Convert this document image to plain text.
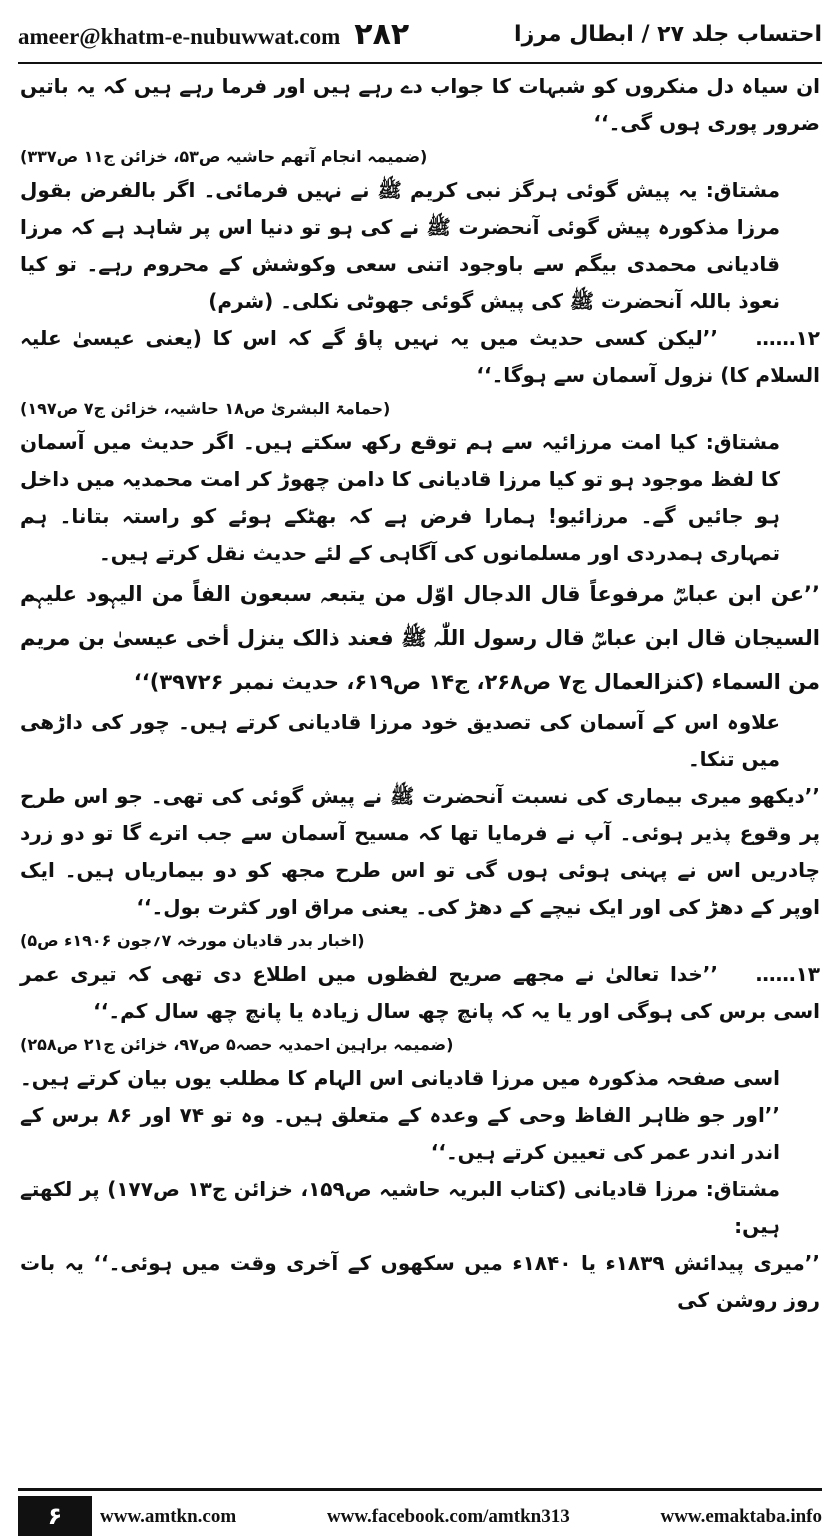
ameer@khatm-e-nubuwwat.com ۲۸۲	احتساب جلد ۲۷ / ابطال مرزا

ان سیاہ دل منکروں کو شبہات کا جواب دے رہے ہیں اور فرما رہے ہیں کہ یہ باتیں ضرور پوری ہوں گی۔‘‘

(ضمیمہ انجام آتھم حاشیہ ص۵۳، خزائن ج۱۱ ص۳۳۷)

مشتاق: یہ پیش گوئی ہرگز نبی کریم ﷺ نے نہیں فرمائی۔ اگر بالفرض بقول مرزا مذکورہ پیش گوئی آنحضرت ﷺ نے کی ہو تو دنیا اس پر شاہد ہے کہ مرزا قادیانی محمدی بیگم سے باوجود اتنی سعی وکوشش کے محروم رہے۔ تو کیا نعوذ باللہ آنحضرت ﷺ کی پیش گوئی جھوٹی نکلی۔ (شرم)

۱۲……’’لیکن کسی حدیث میں یہ نہیں پاؤ گے کہ اس کا (یعنی عیسیٰ علیہ السلام کا) نزول آسمان سے ہوگا۔‘‘

(حمامۃ البشریٰ ص۱۸ حاشیہ، خزائن ج۷ ص۱۹۷)

مشتاق: کیا امت مرزائیہ سے ہم توقع رکھ سکتے ہیں۔ اگر حدیث میں آسمان کا لفظ موجود ہو تو کیا مرزا قادیانی کا دامن چھوڑ کر امت محمدیہ میں داخل ہو جائیں گے۔ مرزائیو! ہمارا فرض ہے کہ بھٹکے ہوئے کو راستہ بتانا۔ ہم تمہاری ہمدردی اور مسلمانوں کی آگاہی کے لئے حدیث نقل کرتے ہیں۔

’’عن ابن عباسؓ مرفوعاً قال الدجال اوّل من یتبعہ سبعون الفاً من الیہود علیہم السیجان قال ابن عباسؓ قال رسول اللّٰہ ﷺ فعند ذالک ینزل أخی عیسیٰ بن مریم من السماء (کنزالعمال ج۷ ص۲۶۸، ج۱۴ ص۶۱۹، حدیث نمبر ۳۹۷۲۶)‘‘

علاوہ اس کے آسمان کی تصدیق خود مرزا قادیانی کرتے ہیں۔ چور کی داڑھی میں تنکا۔

’’دیکھو میری بیماری کی نسبت آنحضرت ﷺ نے پیش گوئی کی تھی۔ جو اس طرح پر وقوع پذیر ہوئی۔ آپ نے فرمایا تھا کہ مسیح آسمان سے جب اترے گا تو دو زرد چادریں اس نے پہنی ہوئی ہوں گی تو اس طرح مجھ کو دو بیماریاں ہیں۔ ایک اوپر کے دھڑ کی اور ایک نیچے کے دھڑ کی۔ یعنی مراق اور کثرت بول۔‘‘

(اخبار بدر قادیان مورخہ ۷؍جون ۱۹۰۶ء ص۵)

۱۳……’’خدا تعالیٰ نے مجھے صریح لفظوں میں اطلاع دی تھی کہ تیری عمر اسی برس کی ہوگی اور یا یہ کہ پانچ چھ سال زیادہ یا پانچ چھ سال کم۔‘‘

(ضمیمہ براہین احمدیہ حصہ۵ ص۹۷، خزائن ج۲۱ ص۲۵۸)

اسی صفحہ مذکورہ میں مرزا قادیانی اس الہام کا مطلب یوں بیان کرتے ہیں۔ ’’اور جو ظاہر الفاظ وحی کے وعدہ کے متعلق ہیں۔ وہ تو ۷۴ اور ۸۶ برس کے اندر اندر عمر کی تعیین کرتے ہیں۔‘‘

مشتاق: مرزا قادیانی (کتاب البریہ حاشیہ ص۱۵۹، خزائن ج۱۳ ص۱۷۷) پر لکھتے ہیں:

’’میری پیدائش ۱۸۳۹ء یا ۱۸۴۰ء میں سکھوں کے آخری وقت میں ہوئی۔‘‘ یہ بات روز روشن کی

۶	www.amtkn.com	www.facebook.com/amtkn313	www.emaktaba.info
